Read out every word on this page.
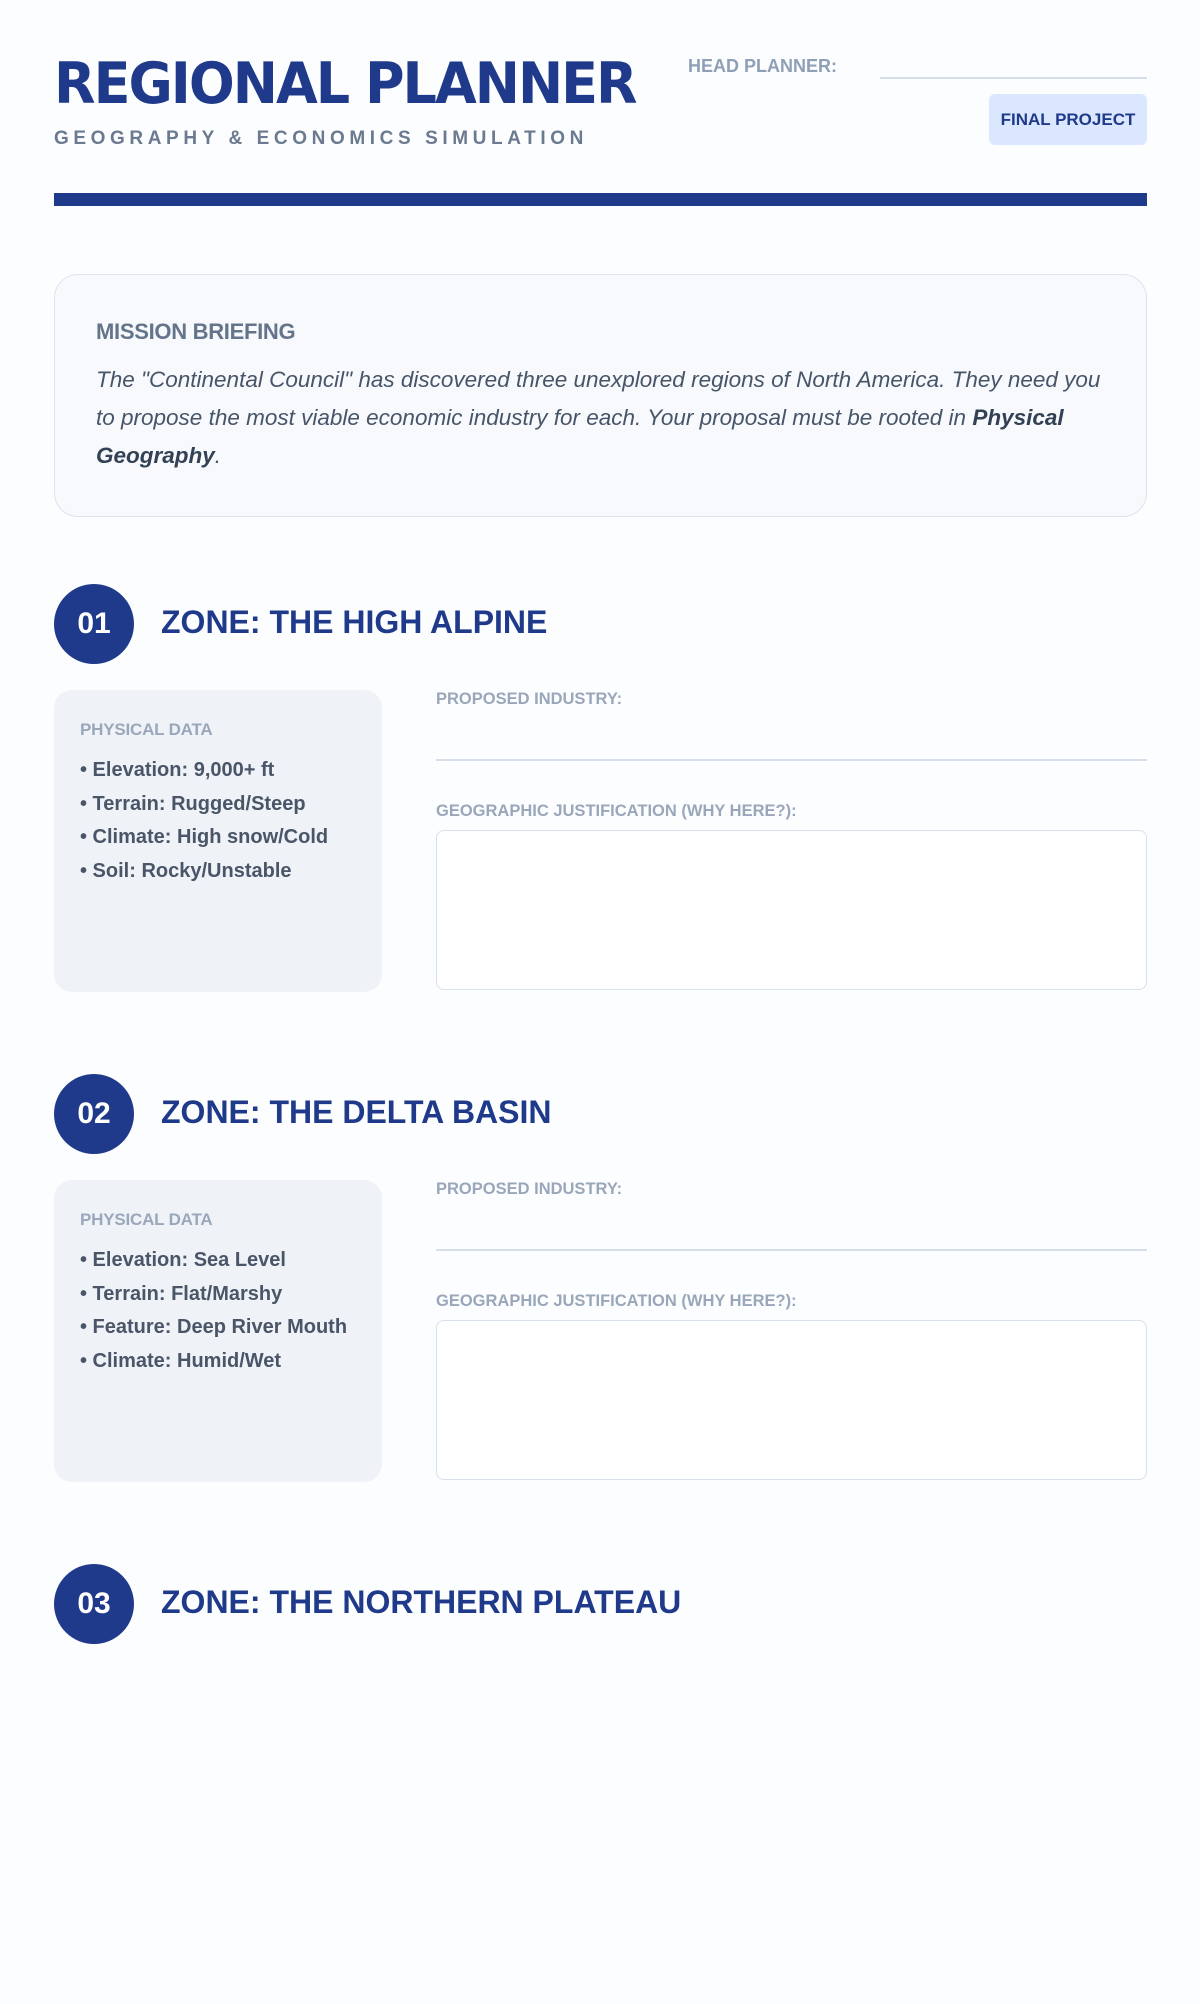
REGIONAL PLANNER
GEOGRAPHY & ECONOMICS SIMULATION
HEAD PLANNER:
FINAL PROJECT
MISSION BRIEFING

The "Continental Council" has discovered three unexplored regions of North America. They need you to propose the most viable economic industry for each. Your proposal must be rooted in Physical Geography.

01	ZONE: THE HIGH ALPINE
PHYSICAL DATA
• Elevation: 9,000+ ft
• Terrain: Rugged/Steep
• Climate: High snow/Cold
• Soil: Rocky/Unstable
PROPOSED INDUSTRY:
GEOGRAPHIC JUSTIFICATION (WHY HERE?):
02	ZONE: THE DELTA BASIN
PHYSICAL DATA
• Elevation: Sea Level
• Terrain: Flat/Marshy
• Feature: Deep River Mouth
• Climate: Humid/Wet
PROPOSED INDUSTRY:
GEOGRAPHIC JUSTIFICATION (WHY HERE?):
03	ZONE: THE NORTHERN PLATEAU
